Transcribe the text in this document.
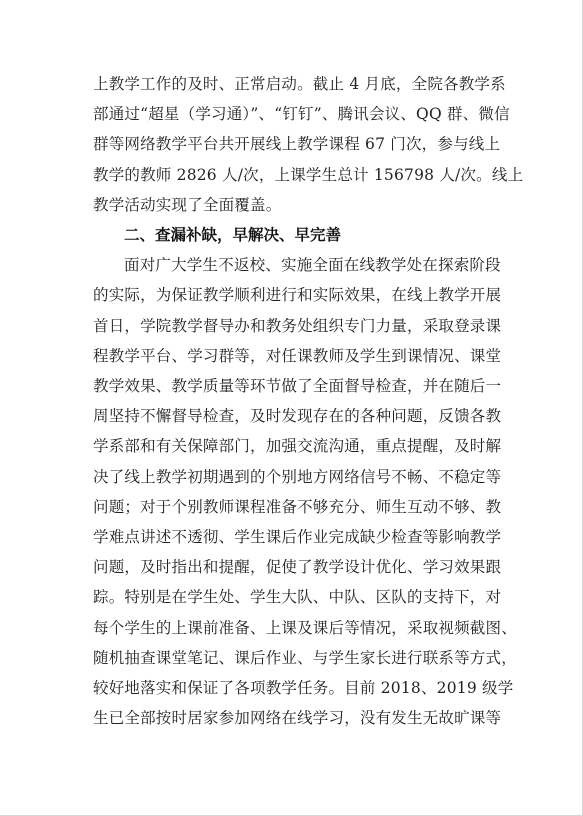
上教学工作的及时、正常启动。截止 4 月底，全院各教学系
部通过“超星（学习通）”、“钉钉”、腾讯会议、QQ 群、微信
群等网络教学平台共开展线上教学课程 67 门次，参与线上
教学的教师 2826 人/次，上课学生总计 156798 人/次。线上
教学活动实现了全面覆盖。
二、查漏补缺，早解决、早完善
面对广大学生不返校、实施全面在线教学处在探索阶段
的实际，为保证教学顺利进行和实际效果，在线上教学开展
首日，学院教学督导办和教务处组织专门力量，采取登录课
程教学平台、学习群等，对任课教师及学生到课情况、课堂
教学效果、教学质量等环节做了全面督导检查，并在随后一
周坚持不懈督导检查，及时发现存在的各种问题，反馈各教
学系部和有关保障部门，加强交流沟通，重点提醒，及时解
决了线上教学初期遇到的个别地方网络信号不畅、不稳定等
问题；对于个别教师课程准备不够充分、师生互动不够、教
学难点讲述不透彻、学生课后作业完成缺少检查等影响教学
问题，及时指出和提醒，促使了教学设计优化、学习效果跟
踪。特别是在学生处、学生大队、中队、区队的支持下，对
每个学生的上课前准备、上课及课后等情况，采取视频截图、
随机抽查课堂笔记、课后作业、与学生家长进行联系等方式，
较好地落实和保证了各项教学任务。目前 2018、2019 级学
生已全部按时居家参加网络在线学习，没有发生无故旷课等
